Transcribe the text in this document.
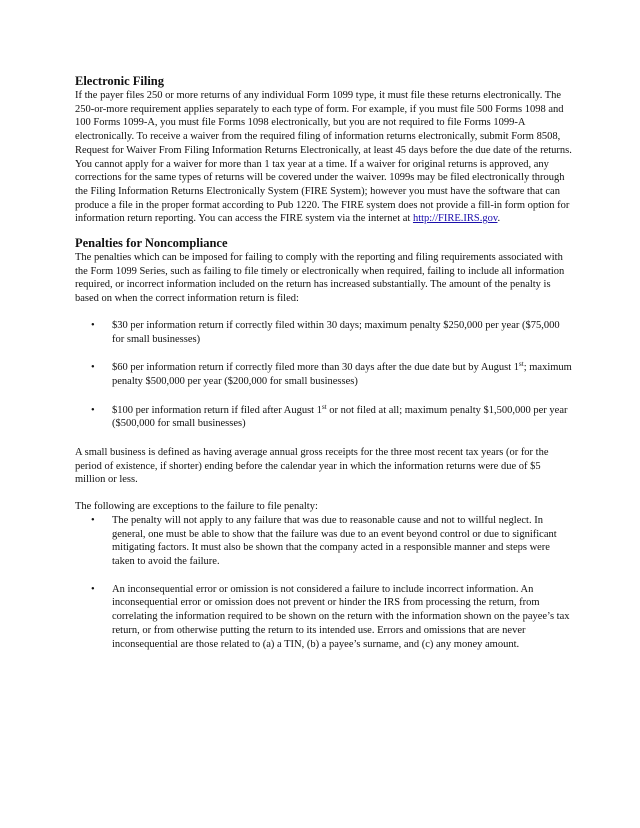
Electronic Filing

If the payer files 250 or more returns of any individual Form 1099 type, it must file these returns electronically. The 250-or-more requirement applies separately to each type of form. For example, if you must file 500 Forms 1098 and 100 Forms 1099-A, you must file Forms 1098 electronically, but you are not required to file Forms 1099-A electronically. To receive a waiver from the required filing of information returns electronically, submit Form 8508, Request for Waiver From Filing Information Returns Electronically, at least 45 days before the due date of the returns. You cannot apply for a waiver for more than 1 tax year at a time. If a waiver for original returns is approved, any corrections for the same types of returns will be covered under the waiver. 1099s may be filed electronically through the Filing Information Returns Electronically System (FIRE System); however you must have the software that can produce a file in the proper format according to Pub 1220. The FIRE system does not provide a fill-in form option for information return reporting. You can access the FIRE system via the internet at http://FIRE.IRS.gov.

Penalties for Noncompliance

The penalties which can be imposed for failing to comply with the reporting and filing requirements associated with the Form 1099 Series, such as failing to file timely or electronically when required, failing to include all information required, or incorrect information included on the return has increased substantially. The amount of the penalty is based on when the correct information return is filed:

• $30 per information return if correctly filed within 30 days; maximum penalty $250,000 per year ($75,000 for small businesses)
• $60 per information return if correctly filed more than 30 days after the due date but by August 1st; maximum penalty $500,000 per year ($200,000 for small businesses)
• $100 per information return if filed after August 1st or not filed at all; maximum penalty $1,500,000 per year ($500,000 for small businesses)

A small business is defined as having average annual gross receipts for the three most recent tax years (or for the period of existence, if shorter) ending before the calendar year in which the information returns were due of $5 million or less.

The following are exceptions to the failure to file penalty:

• The penalty will not apply to any failure that was due to reasonable cause and not to willful neglect. In general, one must be able to show that the failure was due to an event beyond control or due to significant mitigating factors. It must also be shown that the company acted in a responsible manner and steps were taken to avoid the failure.
• An inconsequential error or omission is not considered a failure to include incorrect information. An inconsequential error or omission does not prevent or hinder the IRS from processing the return, from correlating the information required to be shown on the return with the information shown on the payee’s tax return, or from otherwise putting the return to its intended use. Errors and omissions that are never inconsequential are those related to (a) a TIN, (b) a payee’s surname, and (c) any money amount.
